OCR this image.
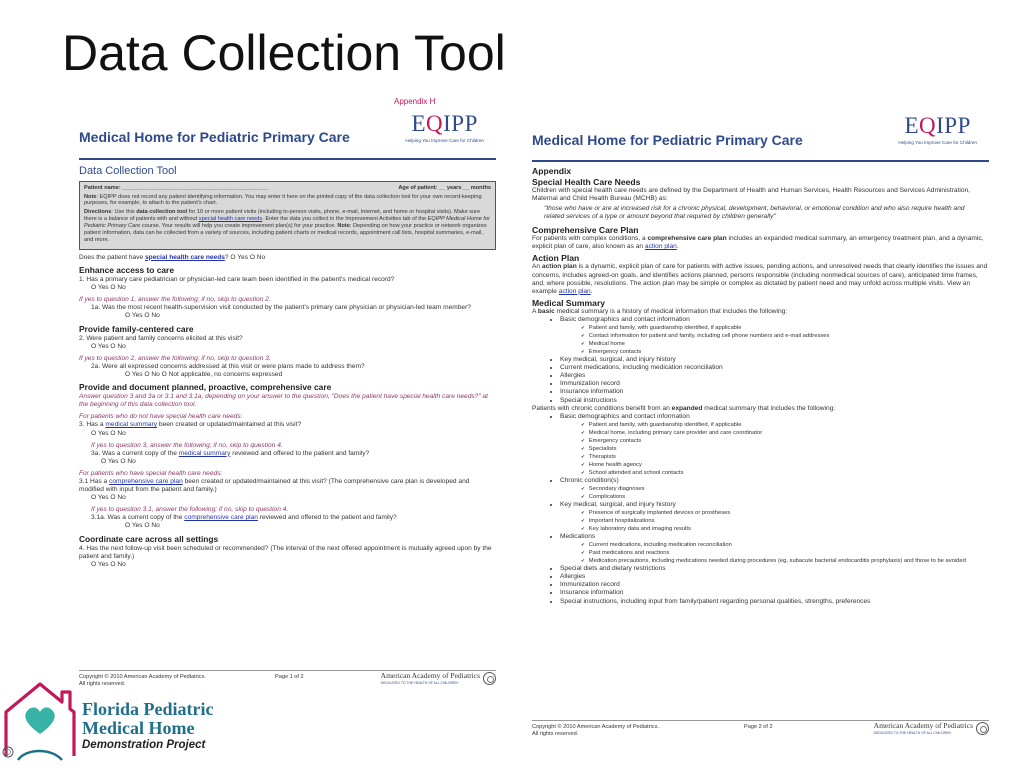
Data Collection Tool
Appendix H
Medical Home for Pediatric Primary Care
EQIPP
Helping You Improve Care for Children
Data Collection Tool
Patient name: _______________________________________________	Age of patient: __ years __ months

Note: EQIPP does not record any patient identifying information. You may enter it here on the printed copy of the data collection tool for your own record-keeping purposes, for example, to attach to the patient's chart.

Directions: Use this data collection tool for 10 or more patient visits (including in-person visits, phone, e-mail, Internet, and home or hospital visits). Make sure there is a balance of patients with and without special health care needs. Enter the data you collect in the Improvement Activities tab of the EQIPP Medical Home for Pediatric Primary Care course. Your results will help you create improvement plan(s) for your practice. Note: Depending on how your practice or network organizes patient information, data can be collected from a variety of sources, including patient charts or medical records, appointment call lists, hospital summaries, e-mail, and more.

Does the patient have special health care needs? O Yes O No

Enhance access to care

1. Has a primary care pediatrician or physician-led care team been identified in the patient's medical record?

O Yes O No

If yes to question 1, answer the following; if no, skip to question 2.

1a. Was the most recent health-supervision visit conducted by the patient's primary care physician or physician-led team member?

O Yes O No

Provide family-centered care

2. Were patient and family concerns elicited at this visit?

O Yes O No

If yes to question 2, answer the following; if no, skip to question 3.

2a. Were all expressed concerns addressed at this visit or were plans made to address them?

O Yes O No O Not applicable, no concerns expressed

Provide and document planned, proactive, comprehensive care

Answer question 3 and 3a or 3.1 and 3.1a, depending on your answer to the question, "Does the patient have special health care needs?" at the beginning of this data collection tool.

For patients who do not have special health care needs:

3. Has a medical summary been created or updated/maintained at this visit?

O Yes O No

If yes to question 3, answer the following; if no, skip to question 4.

3a. Was a current copy of the medical summary reviewed and offered to the patient and family?

O Yes O No

For patients who have special health care needs:

3.1 Has a comprehensive care plan been created or updated/maintained at this visit? (The comprehensive care plan is developed and modified with input from the patient and family.)

O Yes O No

If yes to question 3.1, answer the following; if no, skip to question 4.

3.1a. Was a current copy of the comprehensive care plan reviewed and offered to the patient and family?

O Yes O No

Coordinate care across all settings

4. Has the next follow-up visit been scheduled or recommended? (The interval of the next offered appointment is mutually agreed upon by the patient and family.)

O Yes O No

Copyright © 2010 American Academy of Pediatrics.
All rights reserved.
Page 1 of 2	American Academy of Pediatrics
DEDICATED TO THE HEALTH OF ALL CHILDREN
Medical Home for Pediatric Primary Care
EQIPP
Helping You Improve Care for Children
Appendix
Special Health Care Needs

Children with special health care needs are defined by the Department of Health and Human Services, Health Resources and Services Administration, Maternal and Child Health Bureau (MCHB) as:

"those who have or are at increased risk for a chronic physical, development, behavioral, or emotional condition and who also require health and related services of a type or amount beyond that required by children generally"

Comprehensive Care Plan

For patients with complex conditions, a comprehensive care plan includes an expanded medical summary, an emergency treatment plan, and a dynamic, explicit plan of care, also known as an action plan.

Action Plan

An action plan is a dynamic, explicit plan of care for patients with active issues, pending actions, and unresolved needs that clearly identifies the issues and concerns, includes agreed-on goals, and identifies actions planned, persons responsible (including nonmedical sources of care), anticipated time frames, and, where possible, resolutions. The action plan may be simple or complex as dictated by patient need and may unfold across multiple visits. View an example action plan.

Medical Summary

A basic medical summary is a history of medical information that includes the following:

• Basic demographics and contact information
✔ Patient and family, with guardianship identified, if applicable
✔ Contact information for patient and family, including cell phone numbers and e-mail addresses
✔ Medical home
✔ Emergency contacts
• Key medical, surgical, and injury history
• Current medications, including medication reconciliation
• Allergies
• Immunization record
• Insurance information
• Special instructions

Patients with chronic conditions benefit from an expanded medical summary that includes the following:

• Basic demographics and contact information
✔ Patient and family, with guardianship identified, if applicable
✔ Medical home, including primary care provider and care coordinator
✔ Emergency contacts
✔ Specialists
✔ Therapists
✔ Home health agency
✔ School attended and school contacts
• Chronic condition(s)
✔ Secondary diagnoses
✔ Complications
• Key medical, surgical, and injury history
✔ Presence of surgically implanted devices or prostheses
✔ Important hospitalizations
✔ Key laboratory data and imaging results
• Medications
✔ Current medications, including medication reconciliation
✔ Past medications and reactions
✔ Medication precautions, including medications needed during procedures (eg, subacute bacterial endocarditis prophylaxis) and those to be avoided
• Special diets and dietary restrictions
• Allergies
• Immunization record
• Insurance information
• Special instructions, including input from family/patient regarding personal qualities, strengths, preferences
Copyright © 2010 American Academy of Pediatrics.
All rights reserved.
Page 2 of 2	American Academy of Pediatrics
DEDICATED TO THE HEALTH OF ALL CHILDREN
Florida Pediatric
Medical Home
Demonstration Project
